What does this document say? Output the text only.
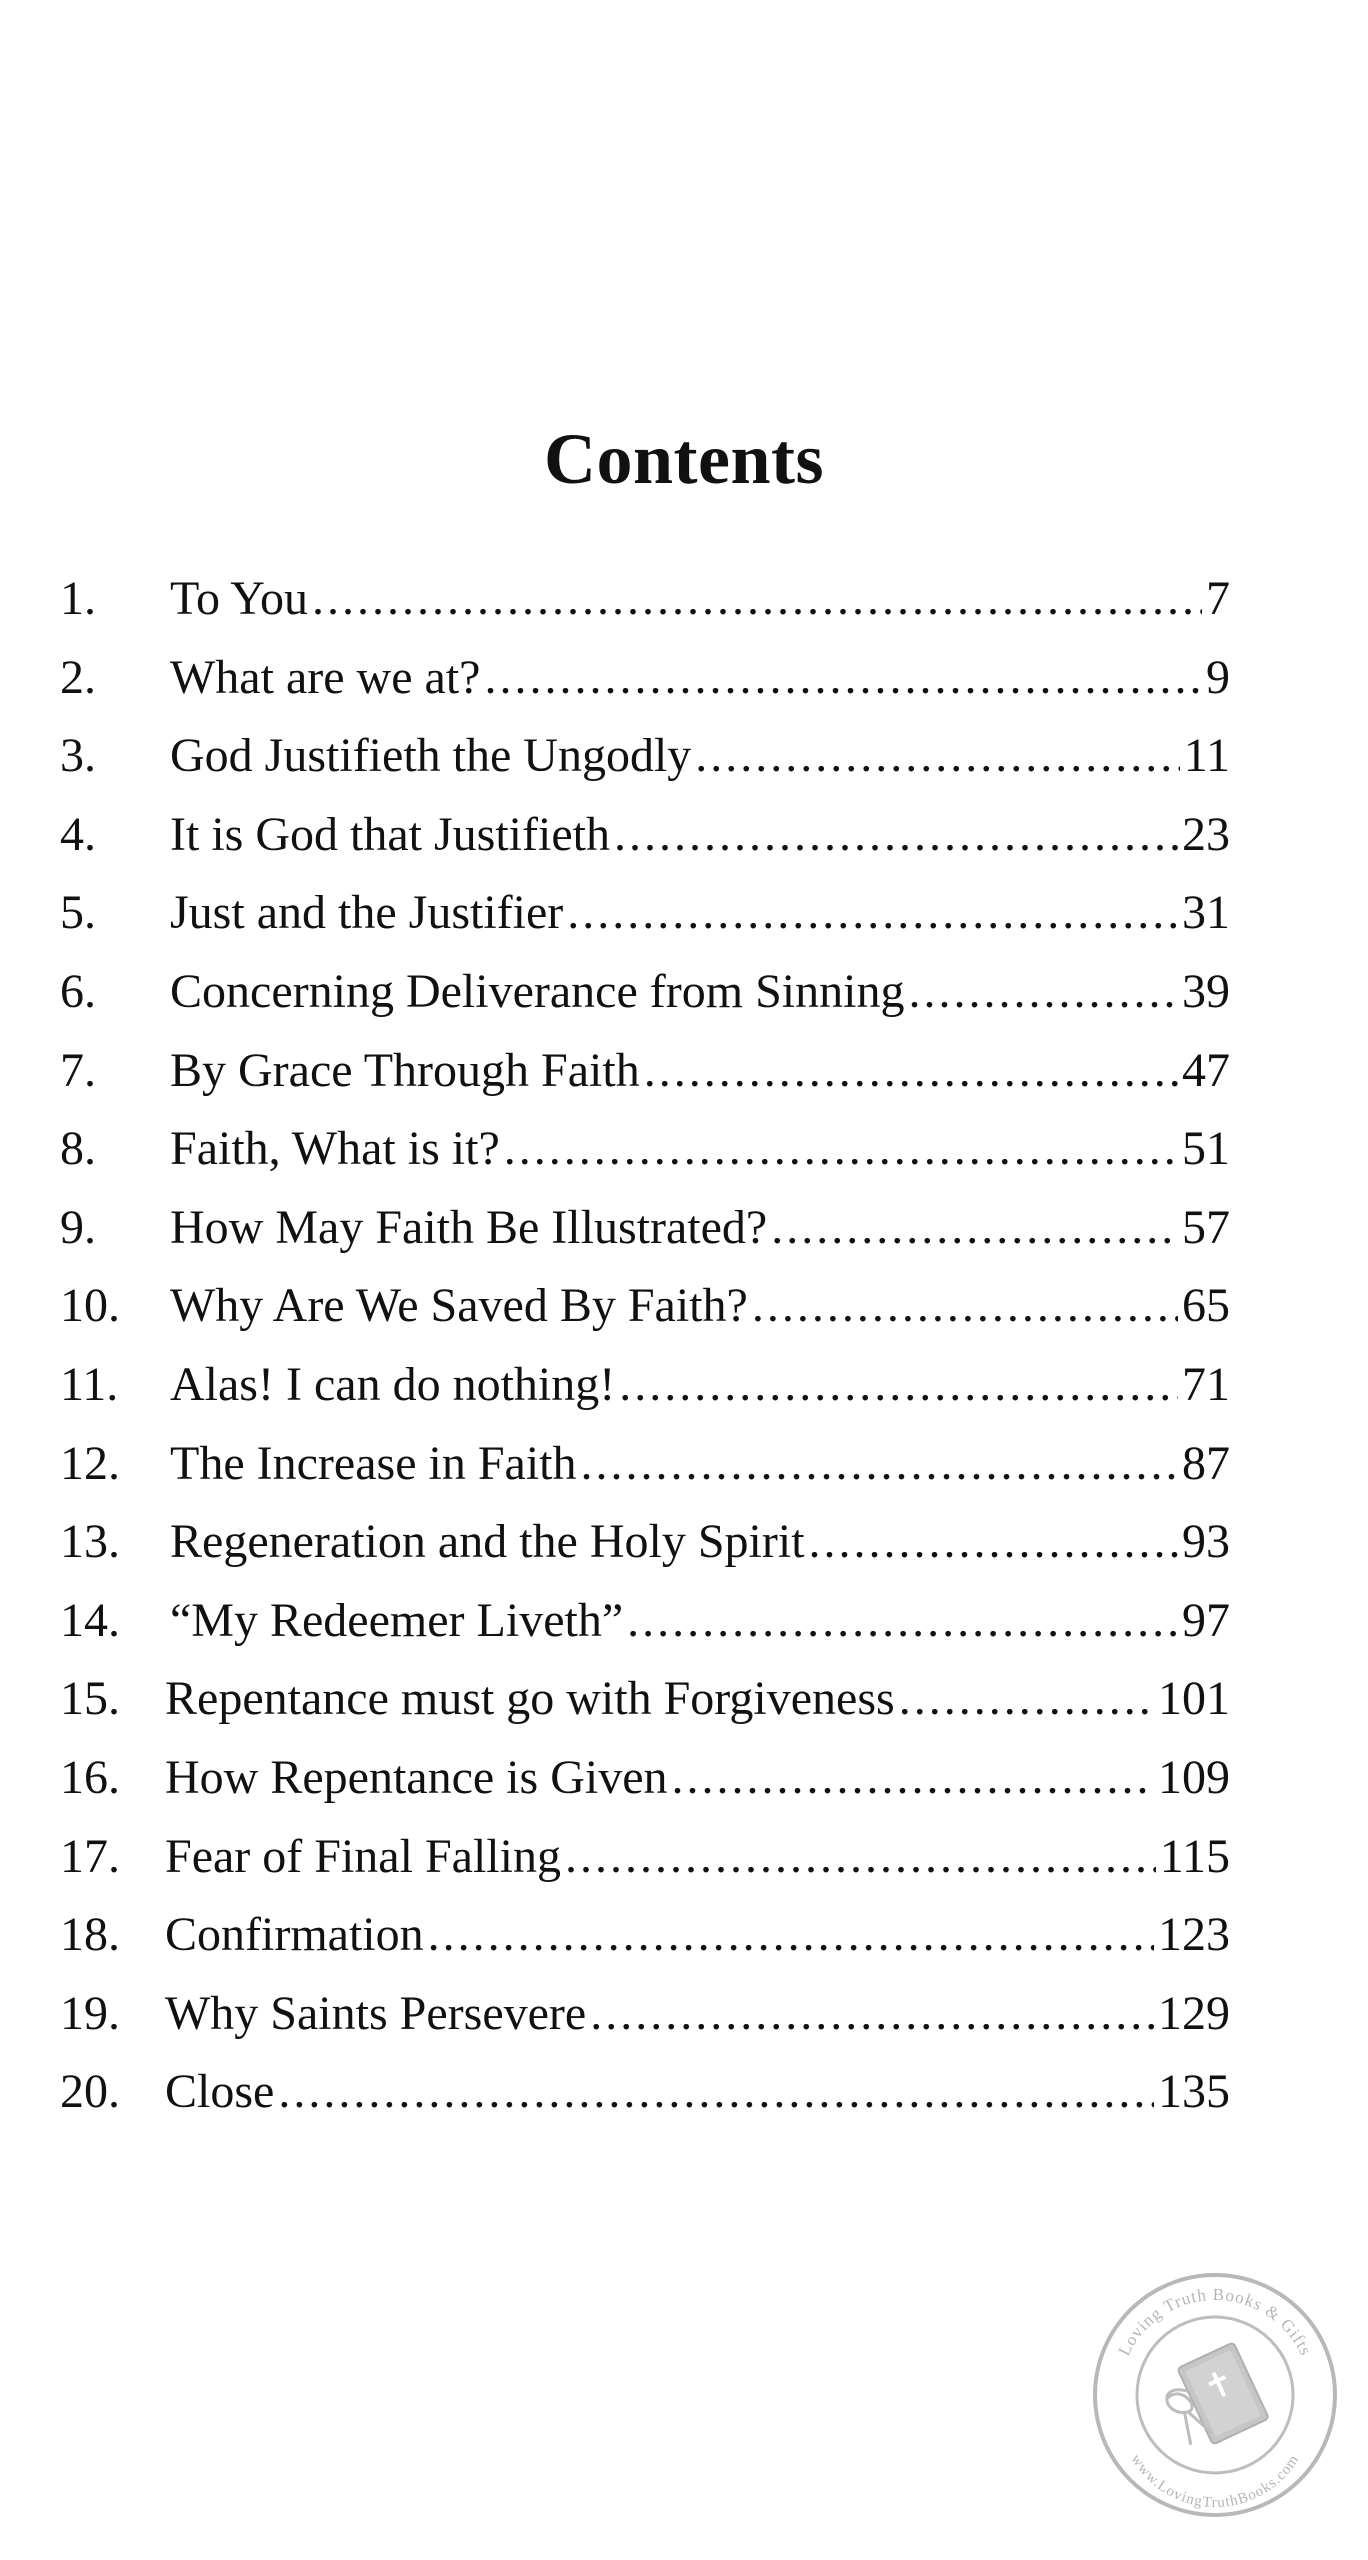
Contents
1.	To You .....	7
2.	What are we at? .....	9
3.	God Justifieth the Ungodly .....	11
4.	It is God that Justifieth .....	23
5.	Just and the Justifier .....	31
6.	Concerning Deliverance from Sinning .....	39
7.	By Grace Through Faith .....	47
8.	Faith, What is it? .....	51
9.	How May Faith Be Illustrated? .....	57
10.	Why Are We Saved By Faith? .....	65
11.	Alas! I can do nothing! .....	71
12.	The Increase in Faith .....	87
13.	Regeneration and the Holy Spirit .....	93
14.	“My Redeemer Liveth” .....	97
15. Repentance must go with Forgiveness .....	101
16. How Repentance is Given .....	109
17. Fear of Final Falling .....	115
18. Confirmation .....	123
19. Why Saints Persevere .....	129
20. Close .....	135
Loving Truth Books & Gifts
www.LovingTruthBooks.com
